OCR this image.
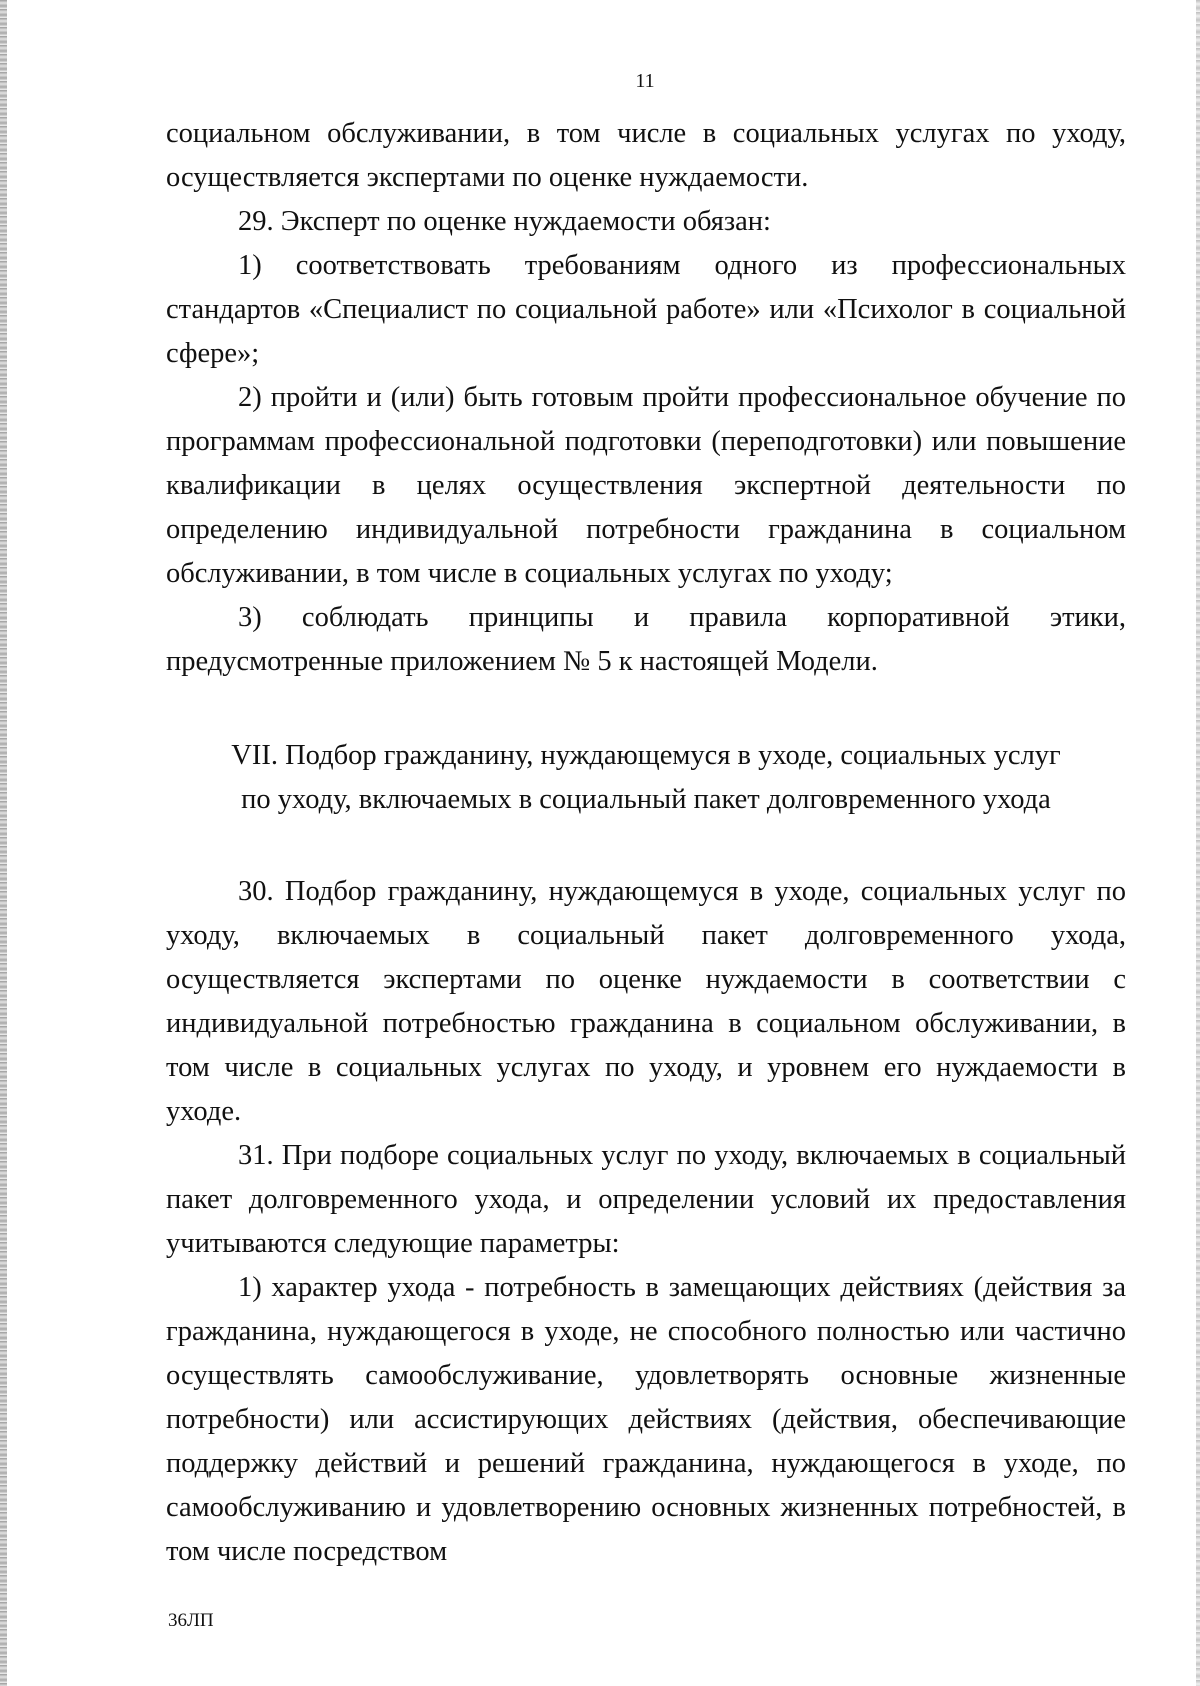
11

социальном обслуживании, в том числе в социальных услугах по уходу, осуществляется экспертами по оценке нуждаемости.

29. Эксперт по оценке нуждаемости обязан:

1) соответствовать требованиям одного из профессиональных стандартов «Специалист по социальной работе» или «Психолог в социальной сфере»;

2) пройти и (или) быть готовым пройти профессиональное обучение по программам профессиональной подготовки (переподготовки) или повышение квалификации в целях осуществления экспертной деятельности по определению индивидуальной потребности гражданина в социальном обслуживании, в том числе в социальных услугах по уходу;

3) соблюдать принципы и правила корпоративной этики, предусмотренные приложением № 5 к настоящей Модели.

VII. Подбор гражданину, нуждающемуся в уходе, социальных услуг
по уходу, включаемых в социальный пакет долговременного ухода

30. Подбор гражданину, нуждающемуся в уходе, социальных услуг по уходу, включаемых в социальный пакет долговременного ухода, осуществляется экспертами по оценке нуждаемости в соответствии с индивидуальной потребностью гражданина в социальном обслуживании, в том числе в социальных услугах по уходу, и уровнем его нуждаемости в уходе.

31. При подборе социальных услуг по уходу, включаемых в социальный пакет долговременного ухода, и определении условий их предоставления учитываются следующие параметры:

1) характер ухода - потребность в замещающих действиях (действия за гражданина, нуждающегося в уходе, не способного полностью или частично осуществлять самообслуживание, удовлетворять основные жизненные потребности) или ассистирующих действиях (действия, обеспечивающие поддержку действий и решений гражданина, нуждающегося в уходе, по самообслуживанию и удовлетворению основных жизненных потребностей, в том числе посредством

36ЛП
